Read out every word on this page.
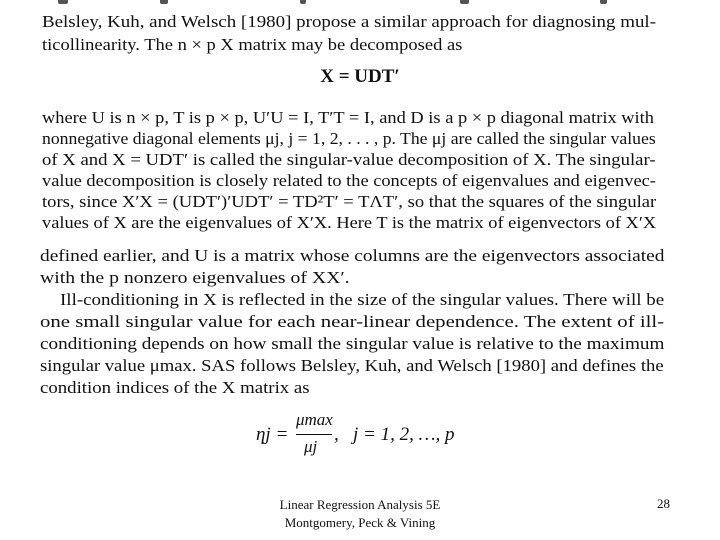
Belsley, Kuh, and Welsch [1980] propose a similar approach for diagnosing mul-
ticollinearity. The n × p X matrix may be decomposed as
X = UDT′
where U is n × p, T is p × p, U′U = I, T′T = I, and D is a p × p diagonal matrix with
nonnegative diagonal elements μj, j = 1, 2, . . . , p. The μj are called the singular values
of X and X = UDT′ is called the singular-value decomposition of X. The singular-
value decomposition is closely related to the concepts of eigenvalues and eigenvec-
tors, since X′X = (UDT′)′UDT′ = TD²T′ = TΛT′, so that the squares of the singular
values of X are the eigenvalues of X′X. Here T is the matrix of eigenvectors of X′X
defined earlier, and U is a matrix whose columns are the eigenvectors associated
with the p nonzero eigenvalues of XX′.
Ill-conditioning in X is reflected in the size of the singular values. There will be
one small singular value for each near-linear dependence. The extent of ill-
conditioning depends on how small the singular value is relative to the maximum
singular value μmax. SAS follows Belsley, Kuh, and Welsch [1980] and defines the
condition indices of the X matrix as
ηj =
μmax
μj
,   j = 1, 2, …, p
Linear Regression Analysis 5E
Montgomery, Peck & Vining
28
